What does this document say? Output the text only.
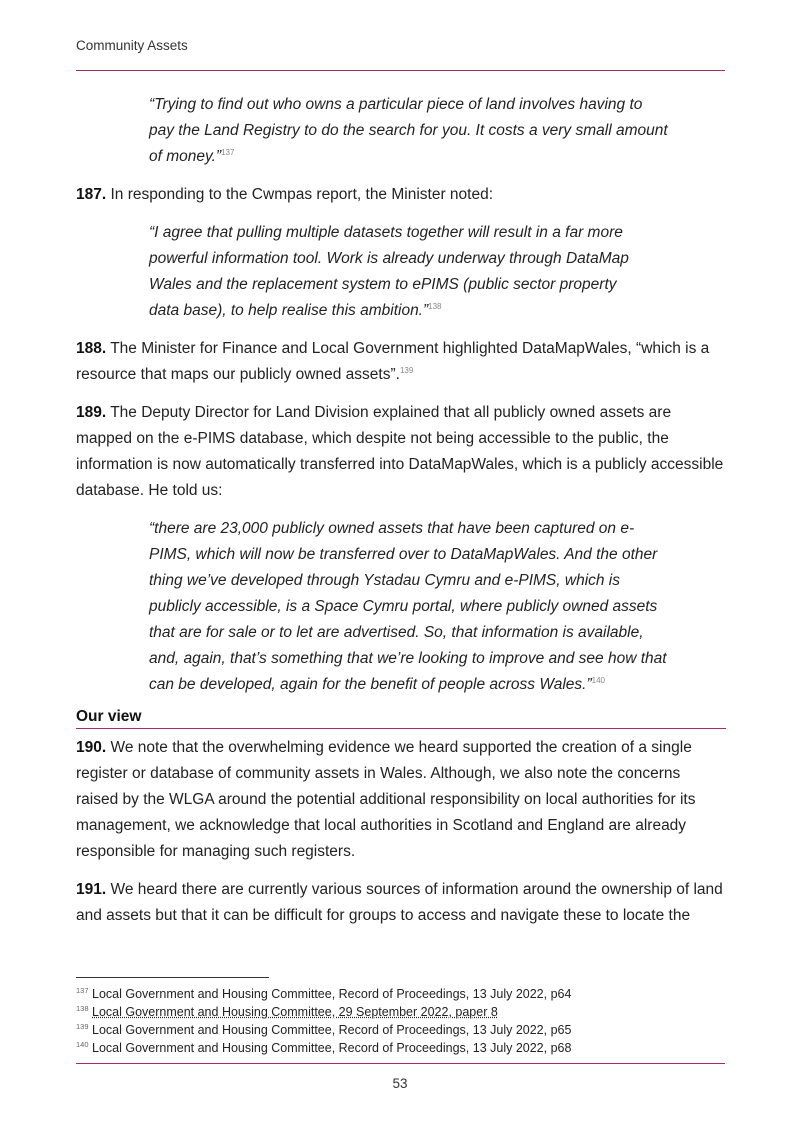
Community Assets

“Trying to find out who owns a particular piece of land involves having to pay the Land Registry to do the search for you. It costs a very small amount of money.”$^{137}$

187. In responding to the Cwmpas report, the Minister noted:

“I agree that pulling multiple datasets together will result in a far more powerful information tool. Work is already underway through DataMap Wales and the replacement system to ePIMS (public sector property data base), to help realise this ambition.”$^{138}$

188. The Minister for Finance and Local Government highlighted DataMapWales, “which is a resource that maps our publicly owned assets”.$^{139}$

189. The Deputy Director for Land Division explained that all publicly owned assets are mapped on the e-PIMS database, which despite not being accessible to the public, the information is now automatically transferred into DataMapWales, which is a publicly accessible database. He told us:

“there are 23,000 publicly owned assets that have been captured on e-PIMS, which will now be transferred over to DataMapWales. And the other thing we’ve developed through Ystadau Cymru and e-PIMS, which is publicly accessible, is a Space Cymru portal, where publicly owned assets that are for sale or to let are advertised. So, that information is available, and, again, that’s something that we’re looking to improve and see how that can be developed, again for the benefit of people across Wales.”$^{140}$

Our view

190. We note that the overwhelming evidence we heard supported the creation of a single register or database of community assets in Wales. Although, we also note the concerns raised by the WLGA around the potential additional responsibility on local authorities for its management, we acknowledge that local authorities in Scotland and England are already responsible for managing such registers.

191. We heard there are currently various sources of information around the ownership of land and assets but that it can be difficult for groups to access and navigate these to locate the

$^{137}$ Local Government and Housing Committee, Record of Proceedings, 13 July 2022, p64
$^{138}$ Local Government and Housing Committee, 29 September 2022, paper 8
$^{139}$ Local Government and Housing Committee, Record of Proceedings, 13 July 2022, p65
$^{140}$ Local Government and Housing Committee, Record of Proceedings, 13 July 2022, p68
53
